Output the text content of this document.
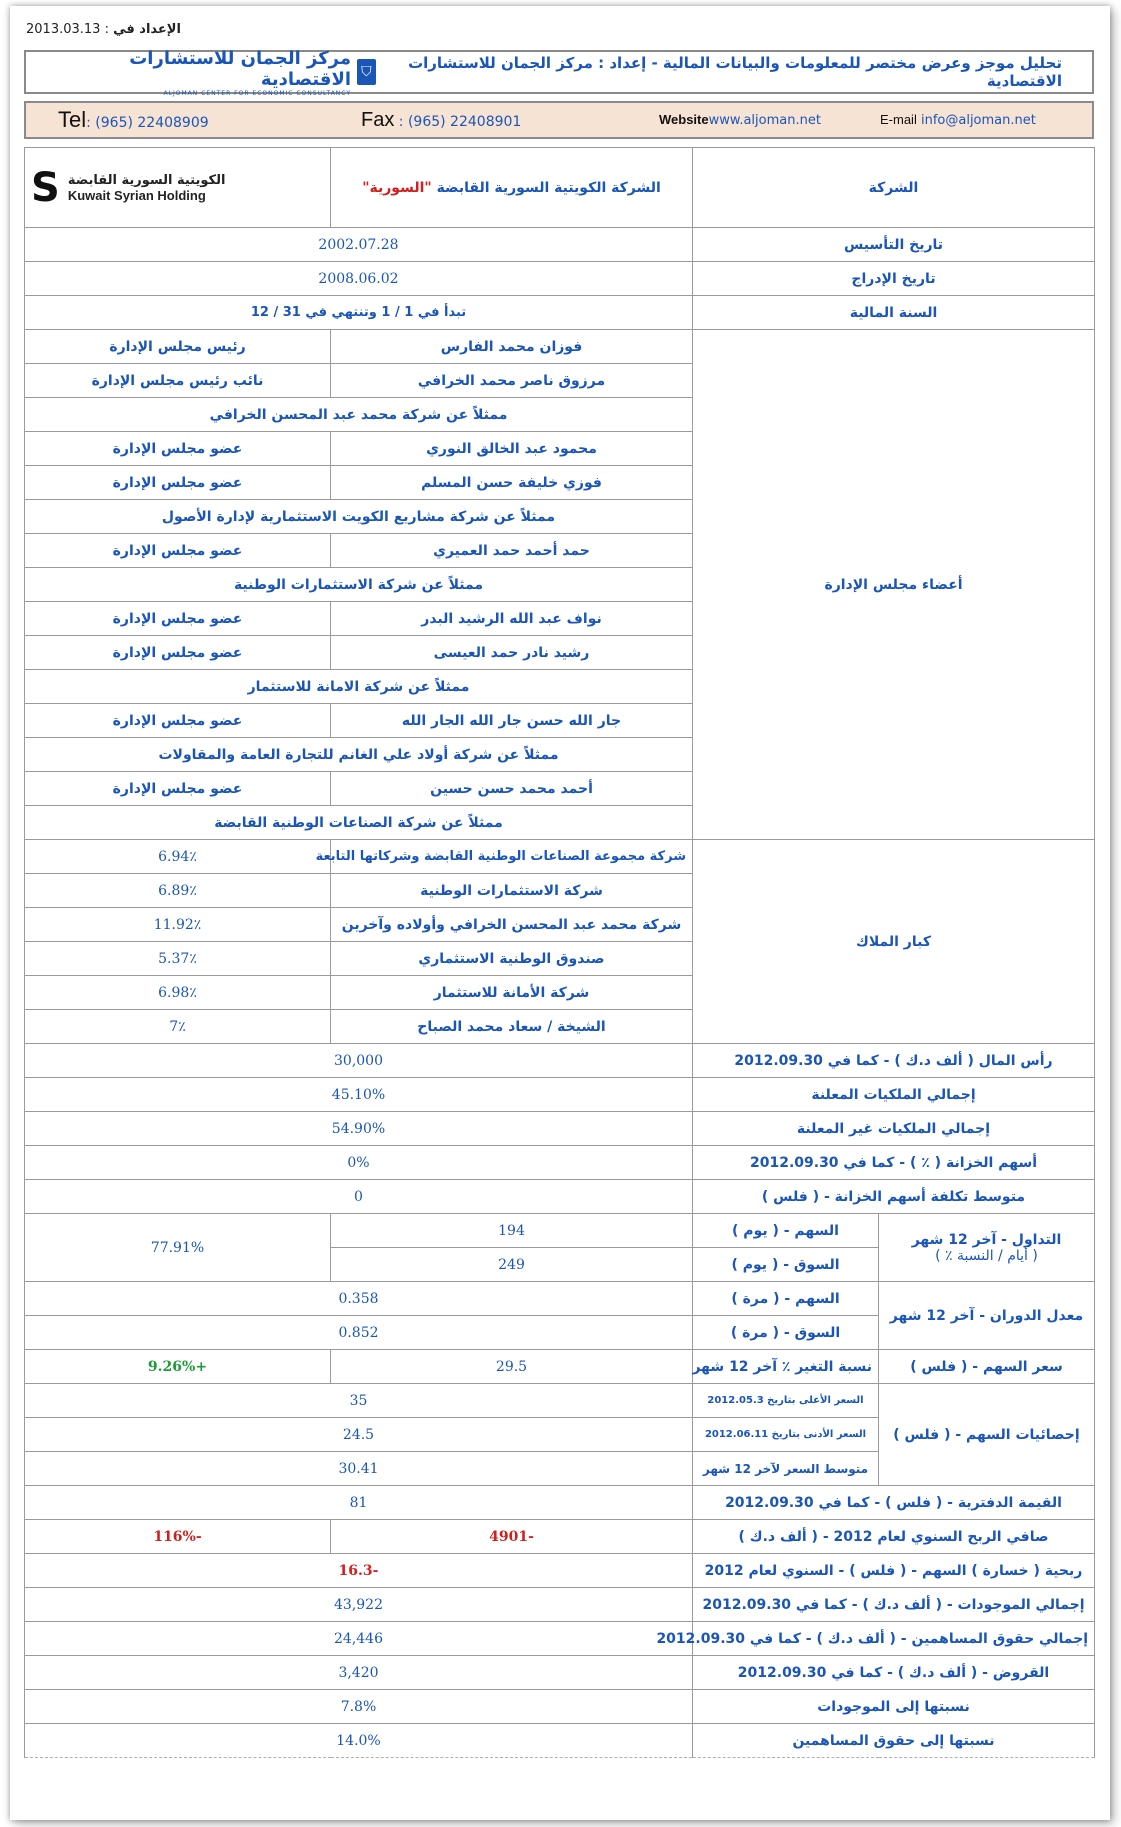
الإعداد في : 2013.03.13
مركز الجمان للاستشارات الاقتصادية
ALJOMAN CENTER FOR ECONOMIC CONSULTANCY
⛉	تحليل موجز وعرض مختصر للمعلومات والبيانات المالية - إعداد : مركز الجمان للاستشارات الاقتصادية
Tel: (965) 22408909	Fax : (965) 22408901	Websitewww.aljoman.net	E-mail info@aljoman.net
الشركة		الشركة الكويتية السورية القابضة "السورية"	S الكويتية السورية القابضة
Kuwait Syrian Holding

تاريخ التأسيس		2002.07.28	
تاريخ الإدراج		2008.06.02	
السنة المالية		تبدأ في 1 / 1 وتنتهي في 31 / 12	
أعضاء مجلس الإدارة		فوزان محمد الفارس	رئيس مجلس الإدارة
		مرزوق ناصر محمد الخرافي	نائب رئيس مجلس الإدارة
		ممثلاً عن شركة محمد عبد المحسن الخرافي	
		محمود عبد الخالق النوري	عضو مجلس الإدارة
		فوزي خليفة حسن المسلم	عضو مجلس الإدارة
		ممثلاً عن شركة مشاريع الكويت الاستثمارية لإدارة الأصول	
		حمد أحمد حمد العميري	عضو مجلس الإدارة
		ممثلاً عن شركة الاستثمارات الوطنية	
		نواف عبد الله الرشيد البدر	عضو مجلس الإدارة
		رشيد نادر حمد العيسى	عضو مجلس الإدارة
		ممثلاً عن شركة الامانة للاستثمار	
		جار الله حسن جار الله الجار الله	عضو مجلس الإدارة
		ممثلاً عن شركة أولاد علي الغانم للتجارة العامة والمقاولات	
		أحمد محمد حسن حسين	عضو مجلس الإدارة
		ممثلاً عن شركة الصناعات الوطنية القابضة	
كبار الملاك		شركة مجموعة الصناعات الوطنية القابضة وشركاتها التابعة	6.94٪
		شركة الاستثمارات الوطنية	6.89٪
		شركة محمد عبد المحسن الخرافي وأولاده وآخرين	11.92٪
		صندوق الوطنية الاستثماري	5.37٪
		شركة الأمانة للاستثمار	6.98٪
		الشيخة / سعاد محمد الصباح	7٪
رأس المال ( ألف د.ك ) - كما في 2012.09.30		30,000	
إجمالي الملكيات المعلنة		45.10%	
إجمالي الملكيات غير المعلنة		54.90%	
أسهم الخزانة ( ٪ ) - كما في 2012.09.30		0%	
متوسط تكلفة أسهم الخزانة - ( فلس )		0	
التداول - آخر 12 شهر
( أيام / النسبة ٪ )	السهم - ( يوم )	194	77.91%
	السوق - ( يوم )	249	
معدل الدوران - آخر 12 شهر	السهم - ( مرة )	0.358	
	السوق - ( مرة )	0.852	
سعر السهم - ( فلس )	نسبة التغير ٪ آخر 12 شهر	29.5	+9.26%
إحصائيات السهم - ( فلس )	السعر الأعلى بتاريخ 2012.05.3	35	
	السعر الأدنى بتاريخ 2012.06.11	24.5	
	متوسط السعر لآخر 12 شهر	30.41	
القيمة الدفترية - ( فلس ) - كما في 2012.09.30		81	
صافي الربح السنوي لعام 2012 - ( ألف د.ك )		-4901	-116%
ربحية ( خسارة ) السهم - ( فلس ) - السنوي لعام 2012		-16.3	
إجمالي الموجودات - ( ألف د.ك ) - كما في 2012.09.30		43,922	
إجمالي حقوق المساهمين - ( ألف د.ك ) - كما في 2012.09.30		24,446	
القروض - ( ألف د.ك ) - كما في 2012.09.30		3,420	
نسبتها إلى الموجودات		7.8%	
نسبتها إلى حقوق المساهمين		14.0%	
